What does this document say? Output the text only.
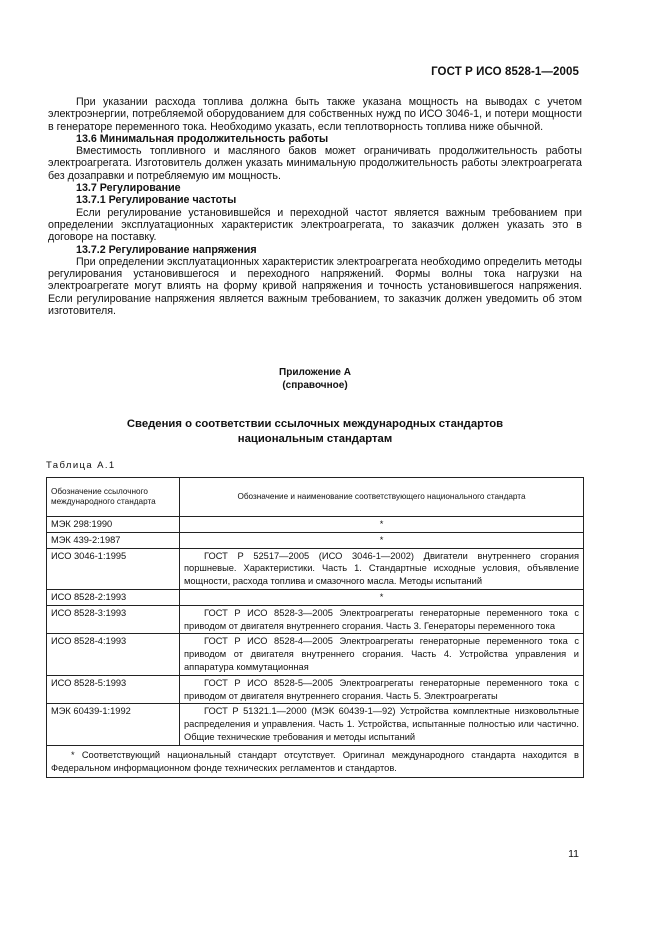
ГОСТ Р ИСО 8528-1—2005

При указании расхода топлива должна быть также указана мощность на выводах с учетом электроэнергии, потребляемой оборудованием для собственных нужд по ИСО 3046-1, и потери мощности в генераторе переменного тока. Необходимо указать, если теплотворность топлива ниже обычной.

13.6 Минимальная продолжительность работы

Вместимость топливного и масляного баков может ограничивать продолжительность работы электроагрегата. Изготовитель должен указать минимальную продолжительность работы электроагрегата без дозаправки и потребляемую им мощность.

13.7 Регулирование
13.7.1 Регулирование частоты

Если регулирование установившейся и переходной частот является важным требованием при определении эксплуатационных характеристик электроагрегата, то заказчик должен указать это в договоре на поставку.

13.7.2 Регулирование напряжения

При определении эксплуатационных характеристик электроагрегата необходимо определить методы регулирования установившегося и переходного напряжений. Формы волны тока нагрузки на электроагрегате могут влиять на форму кривой напряжения и точность установившегося напряжения. Если регулирование напряжения является важным требованием, то заказчик должен уведомить об этом изготовителя.

Приложение А
(справочное)
Сведения о соответствии ссылочных международных стандартов
национальным стандартам
Таблица А.1
Обозначение ссылочного международного стандарта	Обозначение и наименование соответствующего национального стандарта
МЭК 298:1990	*
МЭК 439-2:1987	*
ИСО 3046-1:1995	ГОСТ Р 52517—2005 (ИСО 3046-1—2002) Двигатели внутреннего сгорания поршневые. Характеристики. Часть 1. Стандартные исходные условия, объявление мощности, расхода топлива и смазочного масла. Методы испытаний
ИСО 8528-2:1993	*
ИСО 8528-3:1993	ГОСТ Р ИСО 8528-3—2005 Электроагрегаты генераторные переменного тока с приводом от двигателя внутреннего сгорания. Часть 3. Генераторы переменного тока
ИСО 8528-4:1993	ГОСТ Р ИСО 8528-4—2005 Электроагрегаты генераторные переменного тока с приводом от двигателя внутреннего сгорания. Часть 4. Устройства управления и аппаратура коммутационная
ИСО 8528-5:1993	ГОСТ Р ИСО 8528-5—2005 Электроагрегаты генераторные переменного тока с приводом от двигателя внутреннего сгорания. Часть 5. Электроагрегаты
МЭК 60439-1:1992	ГОСТ Р 51321.1—2000 (МЭК 60439-1—92) Устройства комплектные низковольтные распределения и управления. Часть 1. Устройства, испытанные полностью или частично. Общие технические требования и методы испытаний
* Соответствующий национальный стандарт отсутствует. Оригинал международного стандарта находится в Федеральном информационном фонде технических регламентов и стандартов.	
11
